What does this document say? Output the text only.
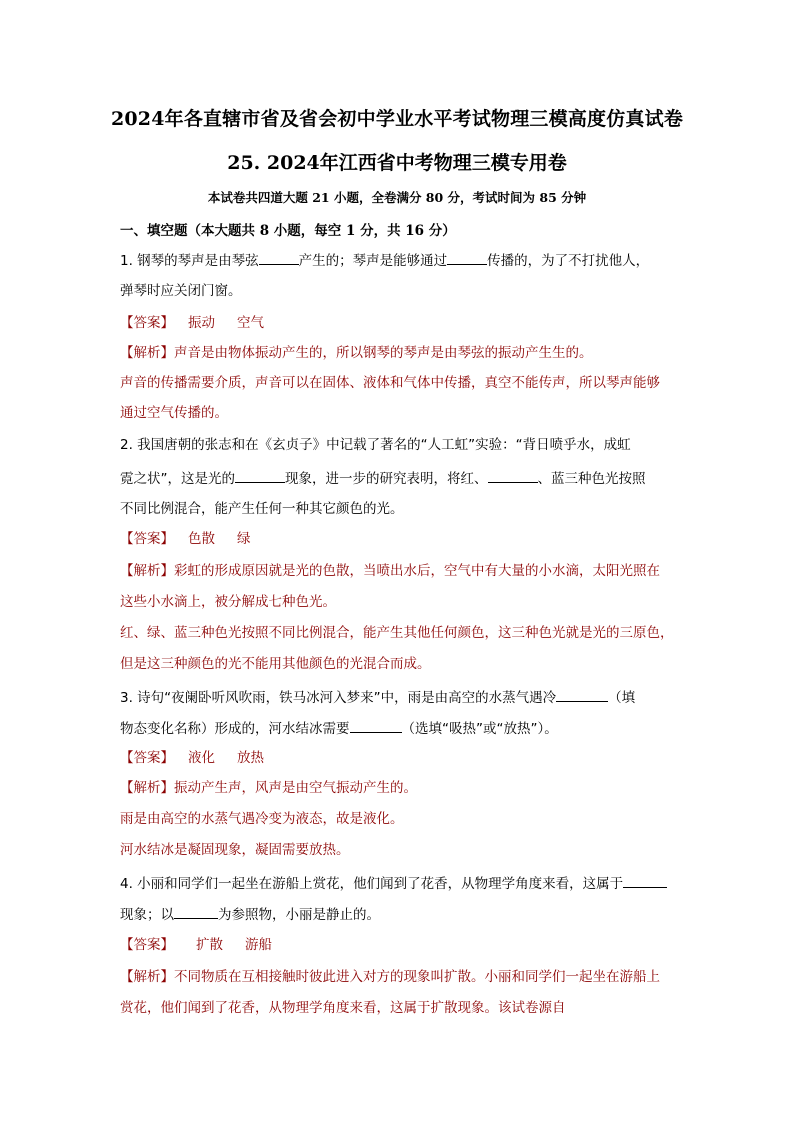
2024年各直辖市省及省会初中学业水平考试物理三模高度仿真试卷
25. 2024年江西省中考物理三模专用卷
本试卷共四道大题 21 小题，全卷满分 80 分，考试时间为 85 分钟
一、填空题（本大题共 8 小题，每空 1 分，共 16 分）
1. 钢琴的琴声是由琴弦	产生的；琴声是能够通过	传播的，为了不打扰他人，
弹琴时应关闭门窗。
【答案】 振动 空气
【解析】声音是由物体振动产生的，所以钢琴的琴声是由琴弦的振动产生生的。
声音的传播需要介质，声音可以在固体、液体和气体中传播，真空不能传声，所以琴声能够
通过空气传播的。
2. 我国唐朝的张志和在《玄贞子》中记载了著名的“人工虹”实验：“背日喷乎水，成虹
霓之状”，这是光的	现象，进一步的研究表明，将红、	、蓝三种色光按照
不同比例混合，能产生任何一种其它颜色的光。
【答案】 色散 绿
【解析】彩虹的形成原因就是光的色散，当喷出水后，空气中有大量的小水滴，太阳光照在
这些小水滴上，被分解成七种色光。
红、绿、蓝三种色光按照不同比例混合，能产生其他任何颜色，这三种色光就是光的三原色，
但是这三种颜色的光不能用其他颜色的光混合而成。
3. 诗句“夜阑卧听风吹雨，铁马冰河入梦来”中，雨是由高空的水蒸气遇冷	（填
物态变化名称）形成的，河水结冰需要	（选填“吸热”或“放热”）。
【答案】 液化 放热
【解析】振动产生声，风声是由空气振动产生的。
雨是由高空的水蒸气遇冷变为液态，故是液化。
河水结冰是凝固现象，凝固需要放热。
4. 小丽和同学们一起坐在游船上赏花，他们闻到了花香，从物理学角度来看，这属于
现象；以	为参照物，小丽是静止的。
【答案】 扩散 游船
【解析】不同物质在互相接触时彼此进入对方的现象叫扩散。小丽和同学们一起坐在游船上
赏花，他们闻到了花香，从物理学角度来看，这属于扩散现象。该试卷源自
